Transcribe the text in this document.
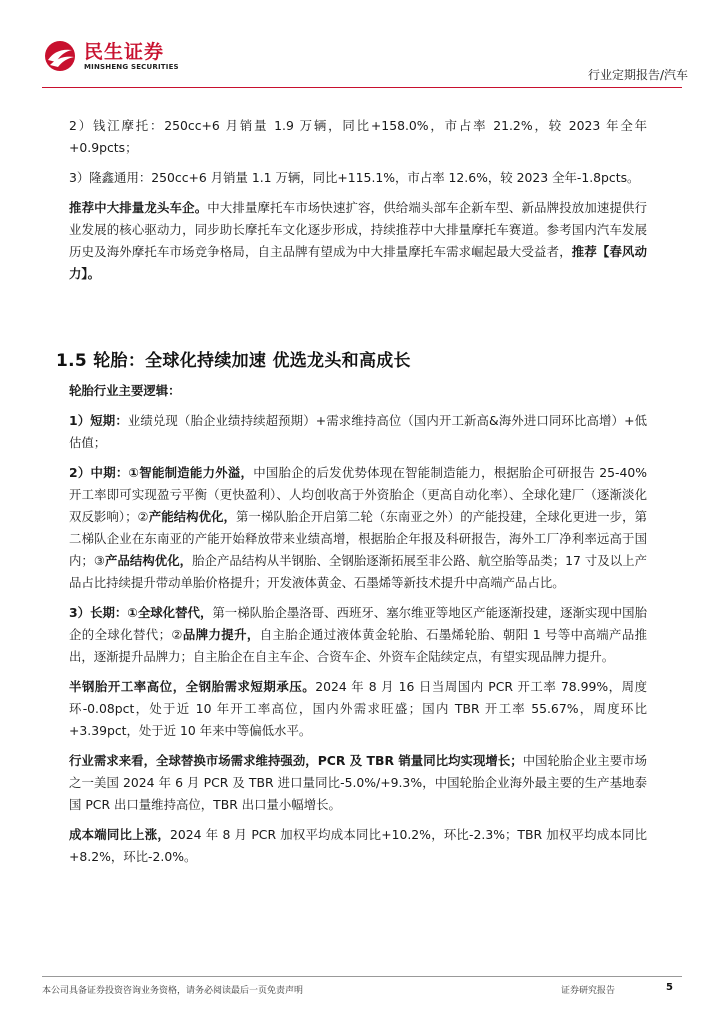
民生证券
MINSHENG SECURITIES
行业定期报告/汽车

2）钱江摩托：250cc+6 月销量 1.9 万辆，同比+158.0%，市占率 21.2%，较 2023 年全年+0.9pcts；

3）隆鑫通用：250cc+6 月销量 1.1 万辆，同比+115.1%，市占率 12.6%，较 2023 全年-1.8pcts。

推荐中大排量龙头车企。中大排量摩托车市场快速扩容，供给端头部车企新车型、新品牌投放加速提供行业发展的核心驱动力，同步助长摩托车文化逐步形成，持续推荐中大排量摩托车赛道。参考国内汽车发展历史及海外摩托车市场竞争格局，自主品牌有望成为中大排量摩托车需求崛起最大受益者，推荐【春风动力】。

1.5 轮胎：全球化持续加速 优选龙头和高成长

轮胎行业主要逻辑：

1）短期：业绩兑现（胎企业绩持续超预期）+需求维持高位（国内开工新高&海外进口同环比高增）+低估值；

2）中期：①智能制造能力外溢，中国胎企的后发优势体现在智能制造能力，根据胎企可研报告 25-40%开工率即可实现盈亏平衡（更快盈利）、人均创收高于外资胎企（更高自动化率）、全球化建厂（逐渐淡化双反影响）；②产能结构优化，第一梯队胎企开启第二轮（东南亚之外）的产能投建，全球化更进一步，第二梯队企业在东南亚的产能开始释放带来业绩高增，根据胎企年报及科研报告，海外工厂净利率远高于国内；③产品结构优化，胎企产品结构从半钢胎、全钢胎逐渐拓展至非公路、航空胎等品类；17 寸及以上产品占比持续提升带动单胎价格提升；开发液体黄金、石墨烯等新技术提升中高端产品占比。

3）长期：①全球化替代，第一梯队胎企墨洛哥、西班牙、塞尔维亚等地区产能逐渐投建，逐渐实现中国胎企的全球化替代；②品牌力提升，自主胎企通过液体黄金轮胎、石墨烯轮胎、朝阳 1 号等中高端产品推出，逐渐提升品牌力；自主胎企在自主车企、合资车企、外资车企陆续定点，有望实现品牌力提升。

半钢胎开工率高位，全钢胎需求短期承压。2024 年 8 月 16 日当周国内 PCR 开工率 78.99%，周度环-0.08pct，处于近 10 年开工率高位，国内外需求旺盛；国内 TBR 开工率 55.67%，周度环比+3.39pct，处于近 10 年来中等偏低水平。

行业需求来看，全球替换市场需求维持强劲，PCR 及 TBR 销量同比均实现增长；中国轮胎企业主要市场之一美国 2024 年 6 月 PCR 及 TBR 进口量同比-5.0%/+9.3%，中国轮胎企业海外最主要的生产基地泰国 PCR 出口量维持高位，TBR 出口量小幅增长。

成本端同比上涨，2024 年 8 月 PCR 加权平均成本同比+10.2%，环比-2.3%；TBR 加权平均成本同比+8.2%，环比-2.0%。

本公司具备证券投资咨询业务资格，请务必阅读最后一页免责声明	证券研究报告	5
